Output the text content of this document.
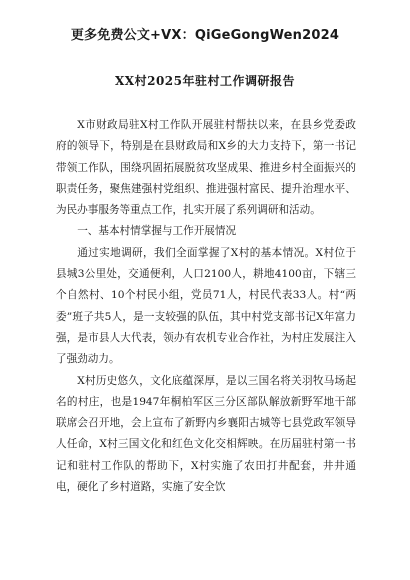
更多免费公文+VX：QiGeGongWen2024
XX村2025年驻村工作调研报告

X市财政局驻X村工作队开展驻村帮扶以来，在县乡党委政府的领导下，特别是在县财政局和X乡的大力支持下，第一书记带领工作队，围绕巩固拓展脱贫攻坚成果、推进乡村全面振兴的职责任务，聚焦建强村党组织、推进强村富民、提升治理水平、为民办事服务等重点工作，扎实开展了系列调研和活动。

一、基本村情掌握与工作开展情况

通过实地调研，我们全面掌握了X村的基本情况。X村位于县城3公里处，交通便利，人口2100人，耕地4100亩，下辖三个自然村、10个村民小组，党员71人，村民代表33人。村“两委”班子共5人，是一支较强的队伍，其中村党支部书记X年富力强，是市县人大代表，领办有农机专业合作社，为村庄发展注入了强劲动力。

X村历史悠久，文化底蕴深厚，是以三国名将关羽牧马场起名的村庄，也是1947年桐柏军区三分区部队解放新野军地干部联席会召开地，会上宣布了新野内乡襄阳古城等七县党政军领导人任命，X村三国文化和红色文化交相辉映。在历届驻村第一书记和驻村工作队的帮助下，X村实施了农田打井配套，井井通电，硬化了乡村道路，实施了安全饮
